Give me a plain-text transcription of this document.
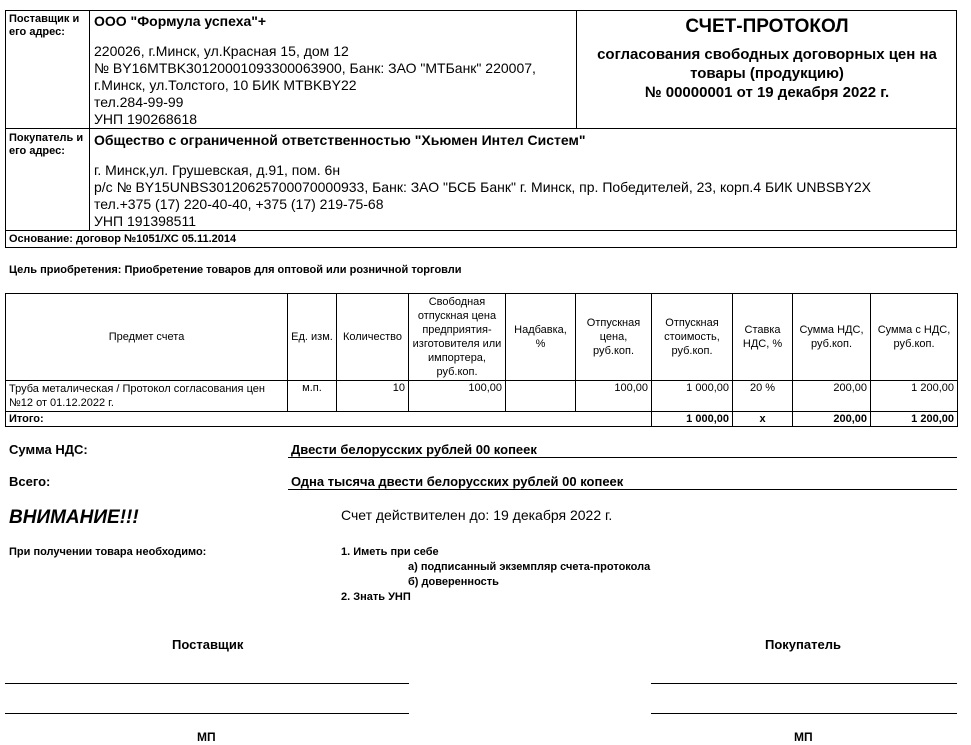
Поставщик и его адрес:
ООО "Формула успеха"+
220026, г.Минск, ул.Красная 15, дом 12
№ BY16MTBK30120001093300063900, Банк: ЗАО "МТБанк" 220007,
г.Минск, ул.Толстого, 10 БИК MTBKBY22
тел.284-99-99
УНП 190268618
СЧЕТ-ПРОТОКОЛ
согласования свободных договорных цен на
товары (продукцию)
№ 00000001 от 19 декабря 2022 г.
Покупатель и его адрес:
Общество с ограниченной ответственностью "Хьюмен Интел Систем"
г. Минск,ул. Грушевская, д.91, пом. 6н
р/с № BY15UNBS30120625700070000933, Банк: ЗАО "БСБ Банк" г. Минск, пр. Победителей, 23, корп.4 БИК UNBSBY2X
тел.+375 (17) 220-40-40, +375 (17) 219-75-68
УНП 191398511
Основание: договор №1051/ХС 05.11.2014
Цель приобретения: Приобретение товаров для оптовой или розничной торговли
Предмет счета	Ед. изм.	Количество	Свободная отпускная цена предприятия-изготовителя или импортера, руб.коп.	Надбавка, %	Отпускная цена, руб.коп.	Отпускная стоимость, руб.коп.	Ставка НДС, %	Сумма НДС, руб.коп.	Сумма с НДС, руб.коп.
Труба металическая / Протокол согласования цен №12 от 01.12.2022 г.	м.п.	10	100,00		100,00	1 000,00	20 %	200,00	1 200,00
Итого:						1 000,00	x	200,00	1 200,00
Сумма НДС:	Двести белорусских рублей 00 копеек
Всего:	Одна тысяча двести белорусских рублей 00 копеек
ВНИМАНИЕ!!!	Счет действителен до: 19 декабря 2022 г.
При получении товара необходимо:	1. Иметь при себе
а) подписанный экземпляр счета-протокола
б) доверенность
2. Знать УНП
Поставщик	Покупатель
МП	МП
